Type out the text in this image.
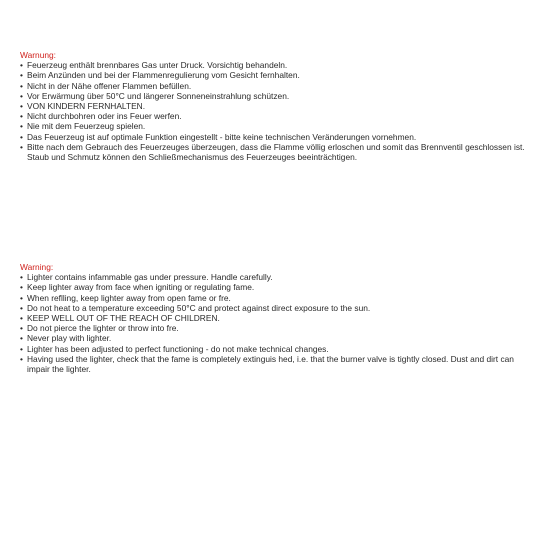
Warnung:

• Feuerzeug enthält brennbares Gas unter Druck. Vorsichtig behandeln.
• Beim Anzünden und bei der Flammenregulierung vom Gesicht fernhalten.
• Nicht in der Nähe offener Flammen befüllen.
• Vor Erwärmung über 50°C und längerer Sonneneinstrahlung schützen.
• VON KINDERN FERNHALTEN.
• Nicht durchbohren oder ins Feuer werfen.
• Nie mit dem Feuerzeug spielen.
• Das Feuerzeug ist auf optimale Funktion eingestellt - bitte keine technischen Veränderungen vornehmen.
• Bitte nach dem Gebrauch des Feuerzeuges überzeugen, dass die Flamme völlig erloschen und somit das Brennventil geschlossen ist. Staub und Schmutz können den Schließmechanismus des Feuerzeuges beeinträchtigen.

Warning:

• Lighter contains infammable gas under pressure. Handle carefully.
• Keep lighter away from face when igniting or regulating fame.
• When reflling, keep lighter away from open fame or fre.
• Do not heat to a temperature exceeding 50°C and protect against direct exposure to the sun.
• KEEP WELL OUT OF THE REACH OF CHILDREN.
• Do not pierce the lighter or throw into fre.
• Never play with lighter.
• Lighter has been adjusted to perfect functioning - do not make technical changes.
• Having used the lighter, check that the fame is completely extinguis hed, i.e. that the burner valve is tightly closed. Dust and dirt can impair the lighter.
